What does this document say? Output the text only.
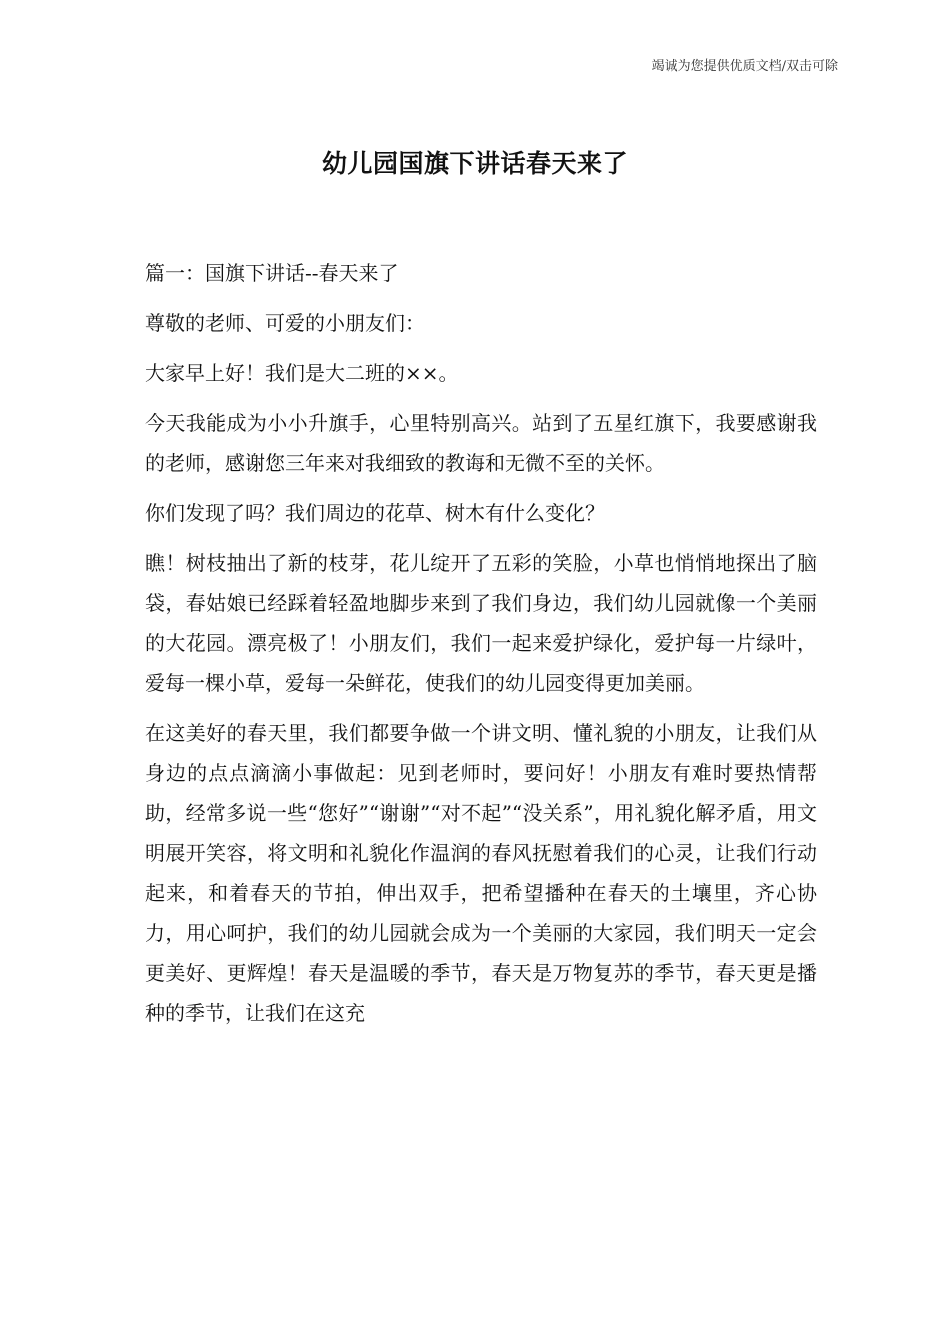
竭诚为您提供优质文档/双击可除
幼儿园国旗下讲话春天来了

篇一：国旗下讲话--春天来了

尊敬的老师、可爱的小朋友们：

大家早上好！我们是大二班的××。

今天我能成为小小升旗手，心里特别高兴。站到了五星红旗下，我要感谢我的老师，感谢您三年来对我细致的教诲和无微不至的关怀。

你们发现了吗？我们周边的花草、树木有什么变化？

瞧！树枝抽出了新的枝芽，花儿绽开了五彩的笑脸，小草也悄悄地探出了脑袋，春姑娘已经踩着轻盈地脚步来到了我们身边，我们幼儿园就像一个美丽的大花园。漂亮极了！小朋友们，我们一起来爱护绿化，爱护每一片绿叶，爱每一棵小草，爱每一朵鲜花，使我们的幼儿园变得更加美丽。

在这美好的春天里，我们都要争做一个讲文明、懂礼貌的小朋友，让我们从身边的点点滴滴小事做起：见到老师时，要问好！小朋友有难时要热情帮助，经常多说一些“您好”“谢谢”“对不起”“没关系”，用礼貌化解矛盾，用文明展开笑容，将文明和礼貌化作温润的春风抚慰着我们的心灵，让我们行动起来，和着春天的节拍，伸出双手，把希望播种在春天的土壤里，齐心协力，用心呵护，我们的幼儿园就会成为一个美丽的大家园，我们明天一定会更美好、更辉煌！春天是温暖的季节，春天是万物复苏的季节，春天更是播种的季节，让我们在这充
